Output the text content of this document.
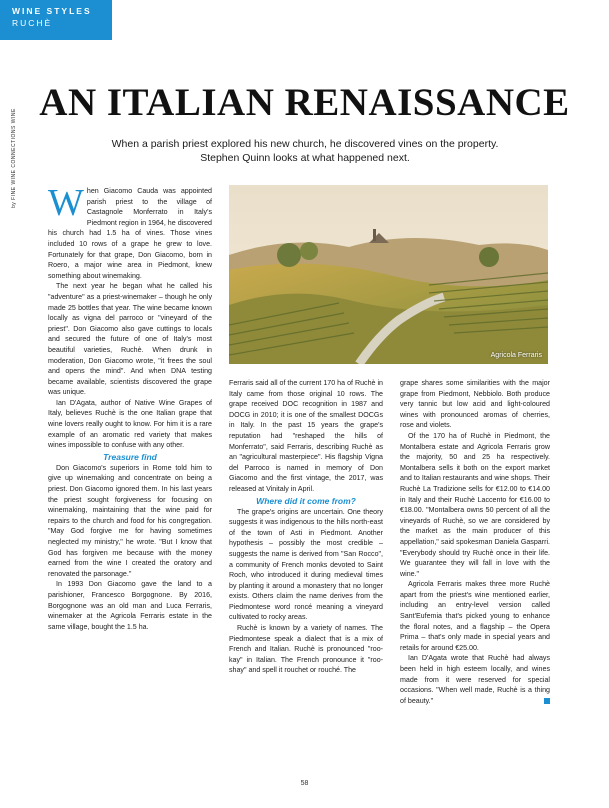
WINE STYLES
RUCHÈ
by FINE WINE CONNECTIONS WINE
AN ITALIAN RENAISSANCE
When a parish priest explored his new church, he discovered vines on the property.
Stephen Quinn looks at what happened next.
Agricola Ferraris

When Giacomo Cauda was appointed parish priest to the village of Castagnole Monferrato in Italy's Piedmont region in 1964, he discovered his church had 1.5 ha of vines. Those vines included 10 rows of a grape he grew to love. Fortunately for that grape, Don Giacomo, born in Roero, a major wine area in Piedmont, knew something about winemaking.

The next year he began what he called his "adventure" as a priest-winemaker – though he only made 25 bottles that year. The wine became known locally as vigna del parroco or "vineyard of the priest". Don Giacomo also gave cuttings to locals and secured the future of one of Italy's most beautiful varieties, Ruchè. When drunk in moderation, Don Giacomo wrote, "it frees the soul and opens the mind". And when DNA testing became available, scientists discovered the grape was unique.

Ian D'Agata, author of Native Wine Grapes of Italy, believes Ruchè is the one Italian grape that wine lovers really ought to know. For him it is a rare example of an aromatic red variety that makes wines impossible to confuse with any other.

Treasure find

Don Giacomo's superiors in Rome told him to give up winemaking and concentrate on being a priest. Don Giacomo ignored them. In his last years the priest sought forgiveness for focusing on winemaking, maintaining that the wine paid for repairs to the church and food for his congregation. "May God forgive me for having sometimes neglected my ministry," he wrote. "But I know that God has forgiven me because with the money earned from the wine I created the oratory and renovated the parsonage."

In 1993 Don Giacomo gave the land to a parishioner, Francesco Borgognone. By 2016, Borgognone was an old man and Luca Ferraris, winemaker at the Agricola Ferraris estate in the same village, bought the 1.5 ha.

Ferraris said all of the current 170 ha of Ruchè in Italy came from those original 10 rows. The grape received DOC recognition in 1987 and DOCG in 2010; it is one of the smallest DOCGs in Italy. In the past 15 years the grape's reputation had "reshaped the hills of Monferrato", said Ferraris, describing Ruchè as an "agricultural masterpiece". His flagship Vigna del Parroco is named in memory of Don Giacomo and the first vintage, the 2017, was released at Vinitaly in April.

Where did it come from?

The grape's origins are uncertain. One theory suggests it was indigenous to the hills north-east of the town of Asti in Piedmont. Another hypothesis – possibly the most credible – suggests the name is derived from "San Rocco", a community of French monks devoted to Saint Roch, who introduced it during medieval times by planting it around a monastery that no longer exists. Others claim the name derives from the Piedmontese word roncé meaning a vineyard cultivated to rocky areas.

Ruchè is known by a variety of names. The Piedmontese speak a dialect that is a mix of French and Italian. Ruchè is pronounced "roo-kay" in Italian. The French pronounce it "roo-shay" and spell it rouchet or rouché. The

grape shares some similarities with the major grape from Piedmont, Nebbiolo. Both produce very tannic but low acid and light-coloured wines with pronounced aromas of cherries, rose and violets.

Of the 170 ha of Ruchè in Piedmont, the Montalbera estate and Agricola Ferraris grow the majority, 50 and 25 ha respectively. Montalbera sells it both on the export market and to Italian restaurants and wine shops. Their Ruchè La Tradizione sells for €12.00 to €14.00 in Italy and their Ruchè Laccento for €16.00 to €18.00. "Montalbera owns 50 percent of all the vineyards of Ruchè, so we are considered by the market as the main producer of this appellation," said spokesman Daniela Gasparri. "Everybody should try Ruchè once in their life. We guarantee they will fall in love with the wine."

Agricola Ferraris makes three more Ruchè apart from the priest's wine mentioned earlier, including an entry-level version called Sant'Eufemia that's picked young to enhance the floral notes, and a flagship – the Opera Prima – that's only made in special years and retails for around €25.00.

Ian D'Agata wrote that Ruchè had always been held in high esteem locally, and wines made from it were reserved for special occasions. "When well made, Ruchè is a thing of beauty."

58
